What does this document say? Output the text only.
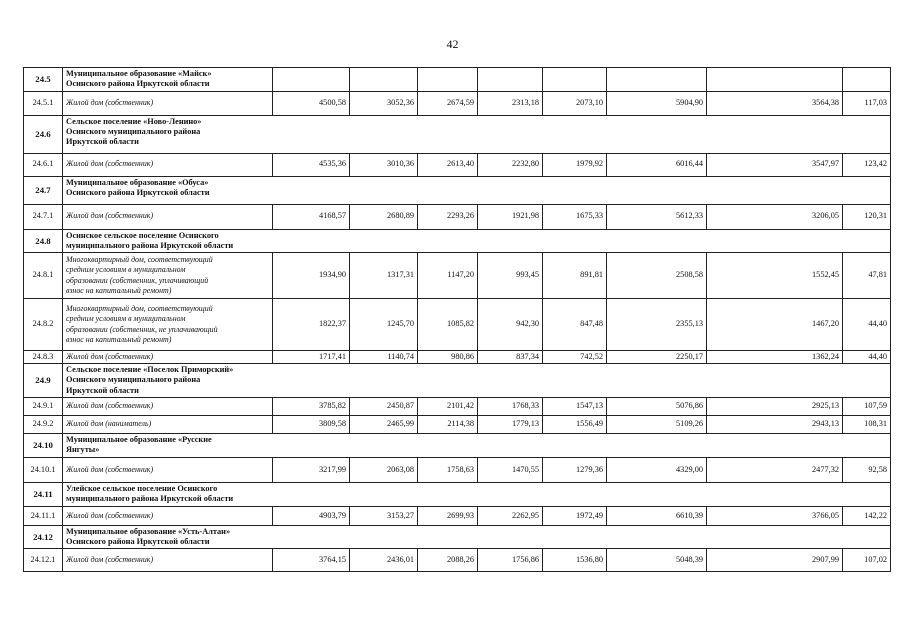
42
24.5	Муниципальное образование «Майск»
Осинского района Иркутской области								
24.5.1	Жилой дом (собственник)	4500,58	3052,36	2674,59	2313,18	2073,10	5904,90	3564,38	117,03
24.6	Сельское поселение «Ново-Ленино»
Осинского муниципального района
Иркутской области								
24.6.1	Жилой дом (собственник)	4535,36	3010,36	2613,40	2232,80	1979,92	6016,44	3547,97	123,42
24.7	Муниципальное образование «Обуса»
Осинского района Иркутской области								
24.7.1	Жилой дом (собственник)	4168,57	2680,89	2293,26	1921,98	1675,33	5612,33	3206,05	120,31
24.8	Осинское сельское поселение Осинского
муниципального района Иркутской области								
24.8.1	Многоквартирный дом, соответствующий
средним условиям в муниципальном
образовании (собственник, уплачивающий
взнос на капитальный ремонт)	1934,90	1317,31	1147,20	993,45	891,81	2508,58	1552,45	47,81
24.8.2	Многоквартирный дом, соответствующий
средним условиям в муниципальном
образовании (собственник, не уплачивающий
взнос на капитальный ремонт)	1822,37	1245,70	1085,82	942,30	847,48	2355,13	1467,20	44,40
24.8.3	Жилой дом (собственник)	1717,41	1140,74	980,86	837,34	742,52	2250,17	1362,24	44,40
24.9	Сельское поселение «Поселок Приморский»
Осинского муниципального района
Иркутской области								
24.9.1	Жилой дом (собственник)	3785,82	2450,87	2101,42	1768,33	1547,13	5076,86	2925,13	107,59
24.9.2	Жилой дом (наниматель)	3809,58	2465,99	2114,38	1779,13	1556,49	5109,26	2943,13	108,31
24.10	Муниципальное образование «Русские
Янгуты»								
24.10.1	Жилой дом (собственник)	3217,99	2063,08	1758,63	1470,55	1279,36	4329,00	2477,32	92,58
24.11	Улейское сельское поселение Осинского
муниципального района Иркутской области								
24.11.1	Жилой дом (собственник)	4903,79	3153,27	2699,93	2262,95	1972,49	6610,39	3766,05	142,22
24.12	Муниципальное образование «Усть-Алтан»
Осинского района Иркутской области								
24.12.1	Жилой дом (собственник)	3764,15	2436,01	2088,26	1756,86	1536,80	5048,39	2907,99	107,02
